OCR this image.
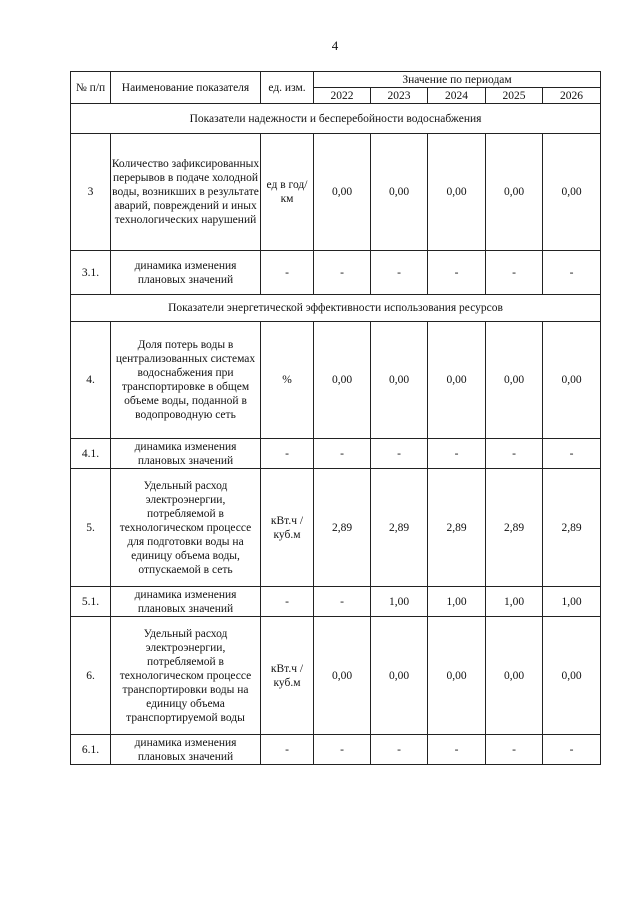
4
№ п/п	Наименование показателя	ед. изм.	Значение по периодам				
			2022	2023	2024	2025	2026
Показатели надежности и бесперебойности водоснабжения							
3	Количество зафиксированных перерывов в подаче холодной воды, возникших в результате аварий, повреждений и иных технологических нарушений	ед в год/ км	0,00	0,00	0,00	0,00	0,00
3.1.	динамика изменения плановых значений	-	-	-	-	-	-
Показатели энергетической эффективности использования ресурсов							
4.	Доля потерь воды в централизованных системах водоснабжения при транспортировке в общем объеме воды, поданной в водопроводную сеть	%	0,00	0,00	0,00	0,00	0,00
4.1.	динамика изменения плановых значений	-	-	-	-	-	-
5.	Удельный расход электроэнергии, потребляемой в технологическом процессе для подготовки воды на единицу объема воды, отпускаемой в сеть	кВт.ч / куб.м	2,89	2,89	2,89	2,89	2,89
5.1.	динамика изменения плановых значений	-	-	1,00	1,00	1,00	1,00
6.	Удельный расход электроэнергии, потребляемой в технологическом процессе транспортировки воды на единицу объема транспортируемой воды	кВт.ч / куб.м	0,00	0,00	0,00	0,00	0,00
6.1.	динамика изменения плановых значений	-	-	-	-	-	-
